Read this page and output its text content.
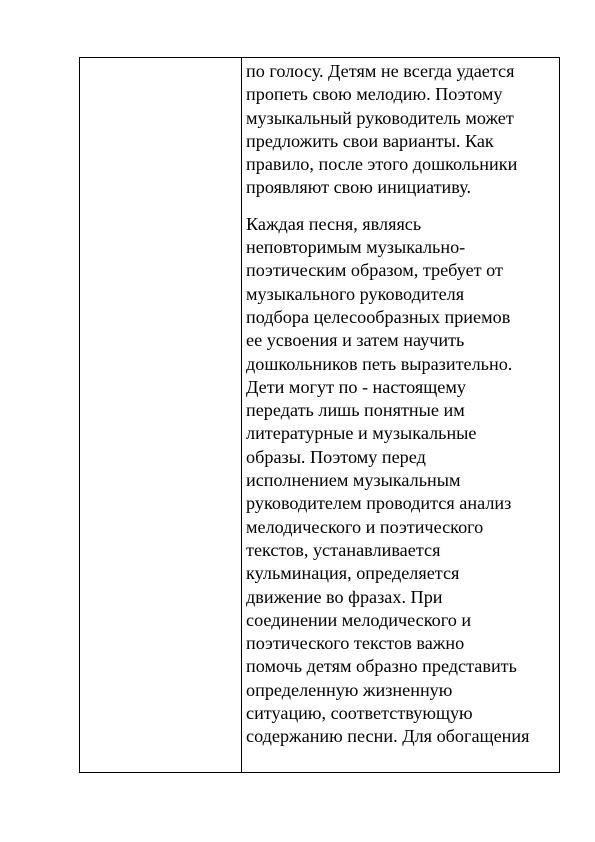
по голосу. Детям не всегда удается
пропеть свою мелодию. Поэтому
музыкальный руководитель может
предложить свои варианты. Как
правило, после этого дошкольники
проявляют свою инициативу.

Каждая песня, являясь
неповторимым музыкально-
поэтическим образом, требует от
музыкального руководителя
подбора целесообразных приемов
ее усвоения и затем научить
дошкольников петь выразительно.
Дети могут по - настоящему
передать лишь понятные им
литературные и музыкальные
образы. Поэтому перед
исполнением музыкальным
руководителем проводится анализ
мелодического и поэтического
текстов, устанавливается
кульминация, определяется
движение во фразах. При
соединении мелодического и
поэтического текстов важно
помочь детям образно представить
определенную жизненную
ситуацию, соответствующую
содержанию песни. Для обогащения
